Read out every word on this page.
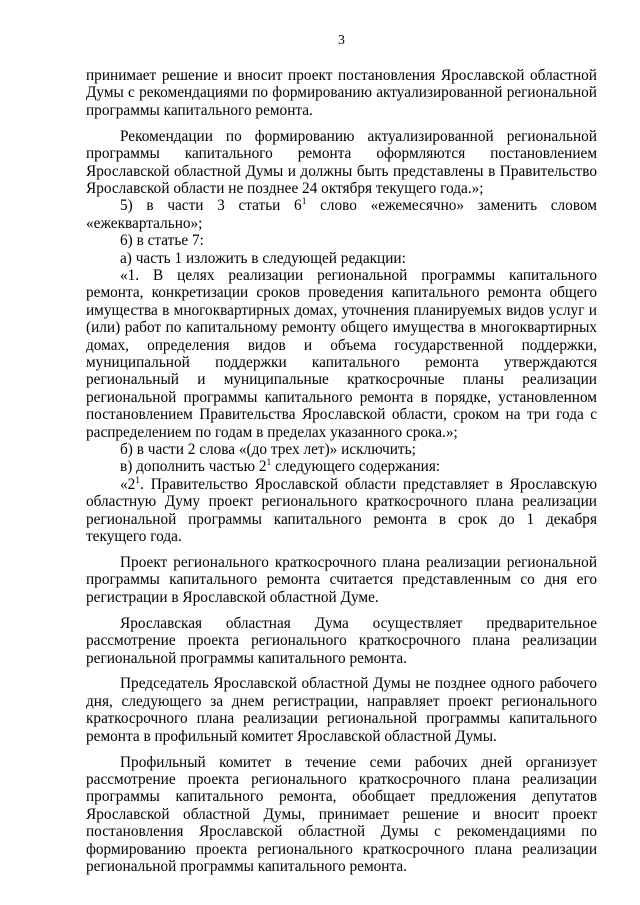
3

принимает решение и вносит проект постановления Ярославской областной Думы с рекомендациями по формированию актуализированной региональной программы капитального ремонта.

Рекомендации по формированию актуализированной региональной программы капитального ремонта оформляются постановлением Ярославской областной Думы и должны быть представлены в Правительство Ярославской области не позднее 24 октября текущего года.»;

5) в части 3 статьи $6^1$ слово «ежемесячно» заменить словом «ежеквартально»;

6) в статье 7:

а) часть 1 изложить в следующей редакции:

«1. В целях реализации региональной программы капитального ремонта, конкретизации сроков проведения капитального ремонта общего имущества в многоквартирных домах, уточнения планируемых видов услуг и (или) работ по капитальному ремонту общего имущества в многоквартирных домах, определения видов и объема государственной поддержки, муниципальной поддержки капитального ремонта утверждаются региональный и муниципальные краткосрочные планы реализации региональной программы капитального ремонта в порядке, установленном постановлением Правительства Ярославской области, сроком на три года с распределением по годам в пределах указанного срока.»;

б) в части 2 слова «(до трех лет)» исключить;

в) дополнить частью $2^1$ следующего содержания:

«$2^1$. Правительство Ярославской области представляет в Ярославскую областную Думу проект регионального краткосрочного плана реализации региональной программы капитального ремонта в срок до 1 декабря текущего года.

Проект регионального краткосрочного плана реализации региональной программы капитального ремонта считается представленным со дня его регистрации в Ярославской областной Думе.

Ярославская областная Дума осуществляет предварительное рассмотрение проекта регионального краткосрочного плана реализации региональной программы капитального ремонта.

Председатель Ярославской областной Думы не позднее одного рабочего дня, следующего за днем регистрации, направляет проект регионального краткосрочного плана реализации региональной программы капитального ремонта в профильный комитет Ярославской областной Думы.

Профильный комитет в течение семи рабочих дней организует рассмотрение проекта регионального краткосрочного плана реализации программы капитального ремонта, обобщает предложения депутатов Ярославской областной Думы, принимает решение и вносит проект постановления Ярославской областной Думы с рекомендациями по формированию проекта регионального краткосрочного плана реализации региональной программы капитального ремонта.
